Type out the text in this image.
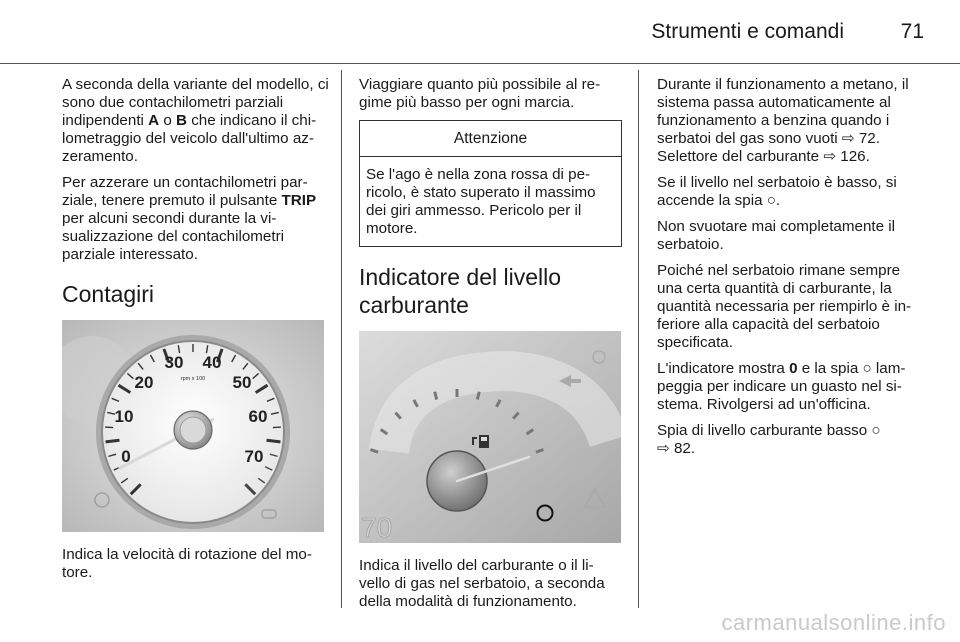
Strumenti e comandi	71

A seconda della variante del modello, ci sono due contachilometri parziali indipendenti A o B che indicano il chi-lometraggio del veicolo dall'ultimo az-zeramento.

Per azzerare un contachilometri par-ziale, tenere premuto il pulsante TRIP per alcuni secondi durante la vi-sualizzazione del contachilometri parziale interessato.

Contagiri
0
10
20
30 40
50
60
70
rpm x 100

Indica la velocità di rotazione del mo-tore.

Viaggiare quanto più possibile al re-gime più basso per ogni marcia.

Attenzione
Se l'ago è nella zona rossa di pe-ricolo, è stato superato il massimo dei giri ammesso. Pericolo per il motore.
Indicatore del livello carburante
70

Indica il livello del carburante o il li-vello di gas nel serbatoio, a seconda della modalità di funzionamento.

Durante il funzionamento a metano, il sistema passa automaticamente al funzionamento a benzina quando i serbatoi del gas sono vuoti ⇨ 72.
Selettore del carburante ⇨ 126.

Se il livello nel serbatoio è basso, si accende la spia ○.

Non svuotare mai completamente il serbatoio.

Poiché nel serbatoio rimane sempre una certa quantità di carburante, la quantità necessaria per riempirlo è in-feriore alla capacità del serbatoio specificata.

L'indicatore mostra 0 e la spia ○ lam-peggia per indicare un guasto nel si-stema. Rivolgersi ad un'officina.

Spia di livello carburante basso ○
⇨ 82.

carmanualsonline.info
